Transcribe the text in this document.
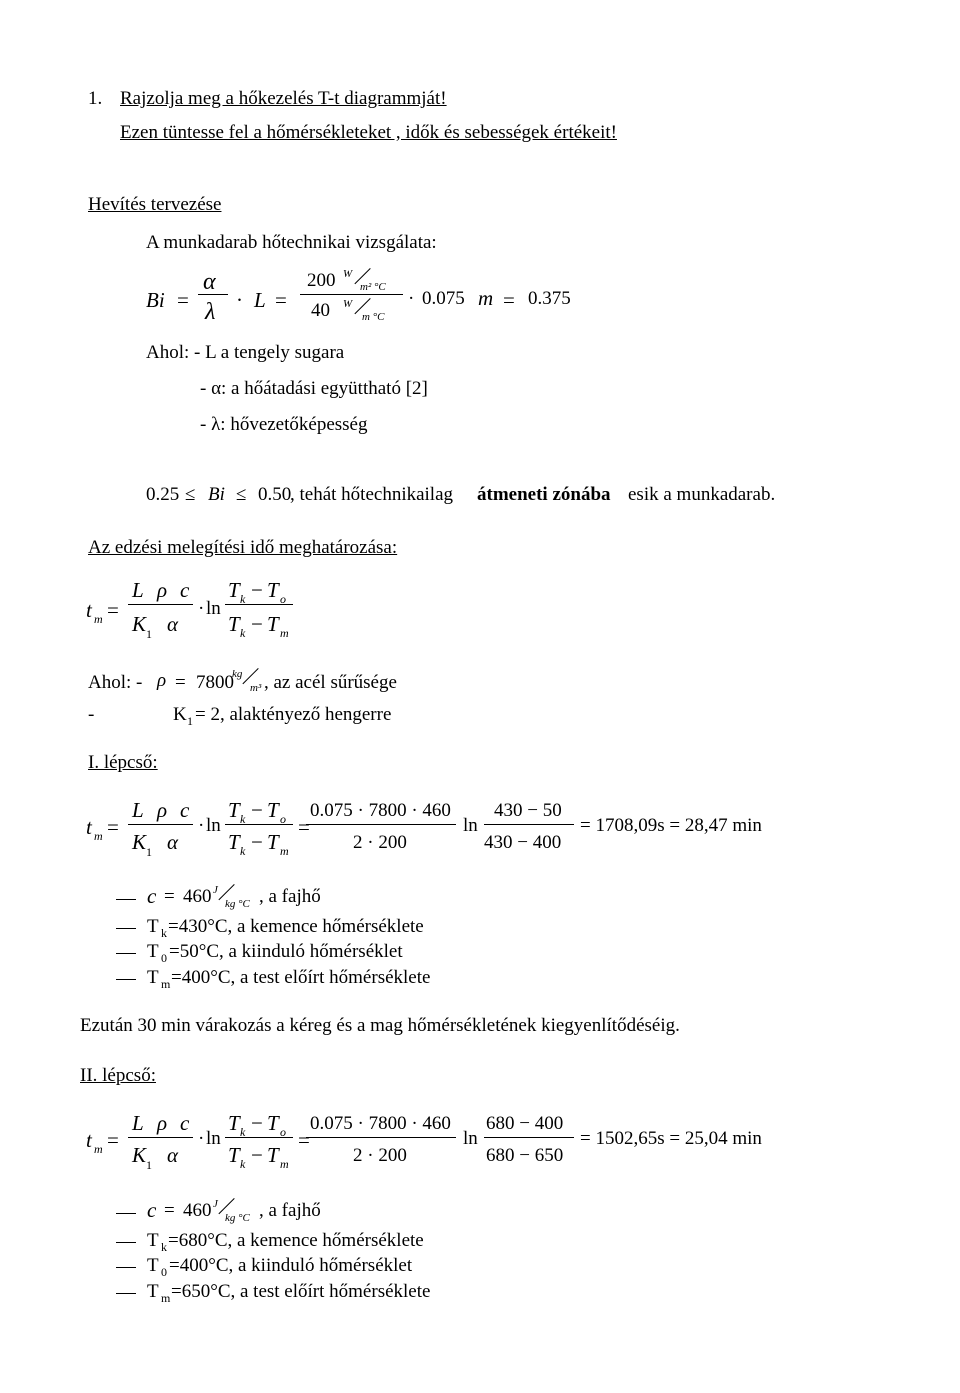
1. Rajzolja meg a hőkezelés T-t diagrammját!
Ezen tüntesse fel a hőmérsékleteket , idők és sebességek értékeit!
Hevítés tervezése
A munkadarab hőtechnikai vizsgálata:
Bi =
α
λ · L =
200 W
m² °C
40 W
m °C
· 0.075 m = 0.375
Ahol: - L a tengely sugara
- α: a hőátadási együttható [2]
- λ: hővezetőképesség
0.25 ≤ Bi ≤ 0.50
, tehát hőtechnikailag átmeneti zónába esik a munkadarab.
Az edzési melegítési idő meghatározása:
t m =
L ρ c
K 1 α
· ln
T k − T o
T k − T m
Ahol: - ρ = 7800
kg
m³ , az acél sűrűsége
-	K 1 = 2, alaktényező hengerre
I. lépcső:
t m =
L ρ c
K 1 α
· ln
T k − T o
T k − T m
=
0.075 · 7800 · 460
2 · 200
ln
430 − 50
430 − 400
= 1708,09s = 28,47 min
c = 460 J
kg °C , a fajhő
T k =430°C, a kemence hőmérséklete
T 0 =50°C, a kiinduló hőmérséklet
T m =400°C, a test előírt hőmérséklete
Ezután 30 min várakozás a kéreg és a mag hőmérsékletének kiegyenlítődéséig.
II. lépcső:
t m =
L ρ c
K 1 α
· ln
T k − T o
T k − T m
=
0.075 · 7800 · 460
2 · 200
ln
680 − 400
680 − 650
= 1502,65s = 25,04 min
c = 460 J
kg °C , a fajhő
T k =680°C, a kemence hőmérséklete
T 0 =400°C, a kiinduló hőmérséklet
T m =650°C, a test előírt hőmérséklete
